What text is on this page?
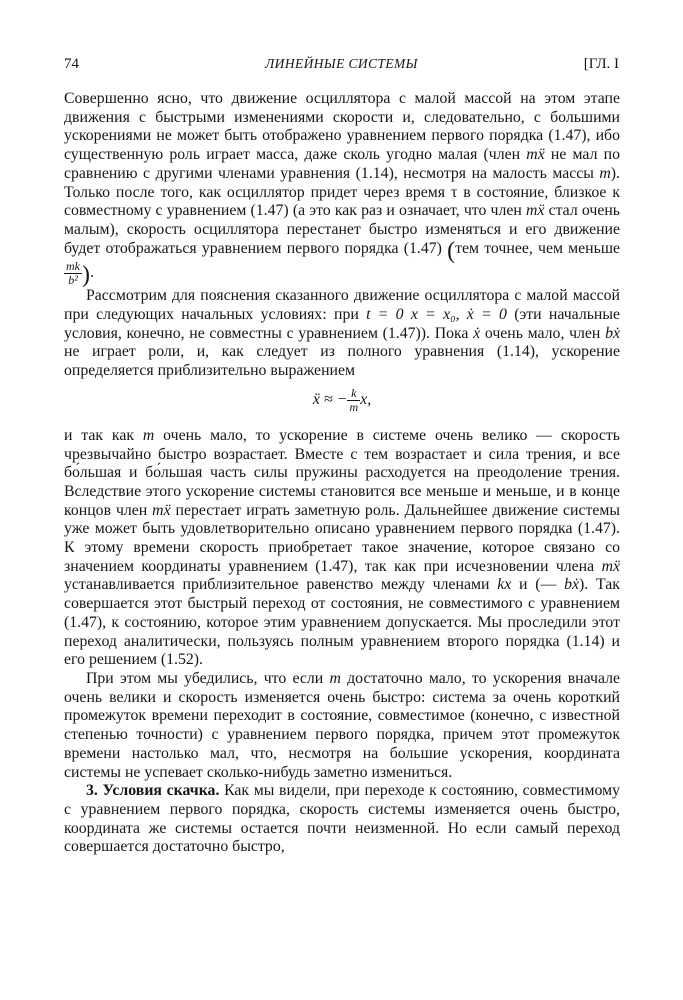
74	ЛИНЕЙНЫЕ СИСТЕМЫ	[ГЛ. I

Совершенно ясно, что движение осциллятора с малой массой на этом этапе движения с быстрыми изменениями скорости и, следовательно, с большими ускорениями не может быть отображено уравнением первого порядка (1.47), ибо существенную роль играет масса, даже сколь угодно малая (член mẍ не мал по сравнению с другими членами уравнения (1.14), несмотря на малость массы m). Только после того, как осциллятор придет через время τ в состояние, близкое к совместному с уравнением (1.47) (а это как раз и означает, что член mẍ стал очень малым), скорость осциллятора перестанет быстро изменяться и его движение будет отображаться уравнением первого порядка (1.47) (тем точнее, чем меньше
$\frac{mk}{\text{b²}}$ ).

Рассмотрим для пояснения сказанного движение осциллятора с малой массой при следующих начальных условиях: при t = 0 x = x₀, ẋ = 0 (эти начальные условия, конечно, не совместны с уравнением (1.47)). Пока ẋ очень мало, член bẋ не играет роли, и, как следует из полного уравнения (1.14), ускорение определяется приблизительно выражением

ẍ ≈ − $\frac{k}{m} x$,

и так как m очень мало, то ускорение в системе очень велико — скорость чрезвычайно быстро возрастает. Вместе с тем возрастает и сила трения, и все бо́льшая и бо́льшая часть силы пружины расходуется на преодоление трения. Вследствие этого ускорение системы становится все меньше и меньше, и в конце концов член mẍ перестает играть заметную роль. Дальнейшее движение системы уже может быть удовлетворительно описано уравнением первого порядка (1.47). К этому времени скорость приобретает такое значение, которое связано со значением координаты уравнением (1.47), так как при исчезновении члена mẍ устанавливается приблизительное равенство между членами kx и (— bẋ). Так совершается этот быстрый переход от состояния, не совместимого с уравнением (1.47), к состоянию, которое этим уравнением допускается. Мы проследили этот переход аналитически, пользуясь полным уравнением второго порядка (1.14) и его решением (1.52).

При этом мы убедились, что если m достаточно мало, то ускорения вначале очень велики и скорость изменяется очень быстро: система за очень короткий промежуток времени переходит в состояние, совместимое (конечно, с известной степенью точности) с уравнением первого порядка, причем этот промежуток времени настолько мал, что, несмотря на большие ускорения, координата системы не успевает сколько-нибудь заметно измениться.

3. Условия скачка. Как мы видели, при переходе к состоянию, совместимому с уравнением первого порядка, скорость системы изменяется очень быстро, координата же системы остается почти неизменной. Но если самый переход совершается достаточно быстро,
